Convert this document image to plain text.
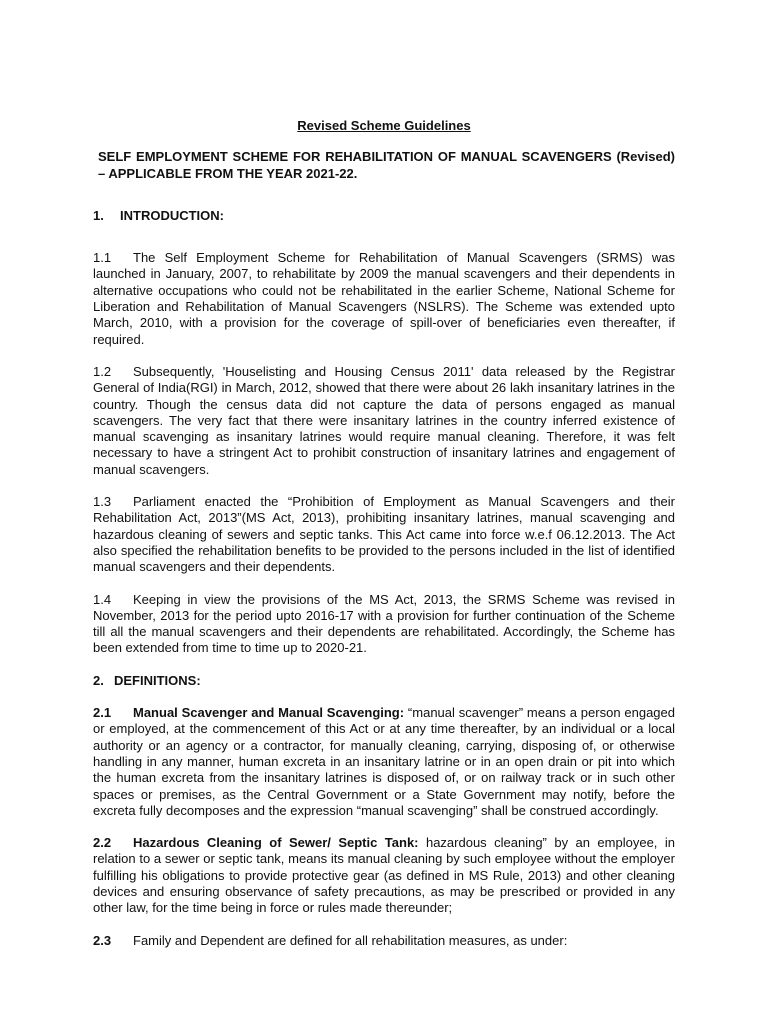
Revised Scheme Guidelines
SELF EMPLOYMENT SCHEME FOR REHABILITATION OF MANUAL SCAVENGERS (Revised) – APPLICABLE FROM THE YEAR 2021-22.
1. INTRODUCTION:

1.1 The Self Employment Scheme for Rehabilitation of Manual Scavengers (SRMS) was launched in January, 2007, to rehabilitate by 2009 the manual scavengers and their dependents in alternative occupations who could not be rehabilitated in the earlier Scheme, National Scheme for Liberation and Rehabilitation of Manual Scavengers (NSLRS). The Scheme was extended upto March, 2010, with a provision for the coverage of spill-over of beneficiaries even thereafter, if required.

1.2 Subsequently, 'Houselisting and Housing Census 2011' data released by the Registrar General of India(RGI) in March, 2012, showed that there were about 26 lakh insanitary latrines in the country. Though the census data did not capture the data of persons engaged as manual scavengers. The very fact that there were insanitary latrines in the country inferred existence of manual scavenging as insanitary latrines would require manual cleaning. Therefore, it was felt necessary to have a stringent Act to prohibit construction of insanitary latrines and engagement of manual scavengers.

1.3 Parliament enacted the “Prohibition of Employment as Manual Scavengers and their Rehabilitation Act, 2013”(MS Act, 2013), prohibiting insanitary latrines, manual scavenging and hazardous cleaning of sewers and septic tanks. This Act came into force w.e.f 06.12.2013. The Act also specified the rehabilitation benefits to be provided to the persons included in the list of identified manual scavengers and their dependents.

1.4 Keeping in view the provisions of the MS Act, 2013, the SRMS Scheme was revised in November, 2013 for the period upto 2016-17 with a provision for further continuation of the Scheme till all the manual scavengers and their dependents are rehabilitated. Accordingly, the Scheme has been extended from time to time up to 2020-21.

2. DEFINITIONS:

2.1 Manual Scavenger and Manual Scavenging: “manual scavenger” means a person engaged or employed, at the commencement of this Act or at any time thereafter, by an individual or a local authority or an agency or a contractor, for manually cleaning, carrying, disposing of, or otherwise handling in any manner, human excreta in an insanitary latrine or in an open drain or pit into which the human excreta from the insanitary latrines is disposed of, or on railway track or in such other spaces or premises, as the Central Government or a State Government may notify, before the excreta fully decomposes and the expression “manual scavenging” shall be construed accordingly.

2.2 Hazardous Cleaning of Sewer/ Septic Tank: hazardous cleaning” by an employee, in relation to a sewer or septic tank, means its manual cleaning by such employee without the employer fulfilling his obligations to provide protective gear (as defined in MS Rule, 2013) and other cleaning devices and ensuring observance of safety precautions, as may be prescribed or provided in any other law, for the time being in force or rules made thereunder;

2.3 Family and Dependent are defined for all rehabilitation measures, as under:
